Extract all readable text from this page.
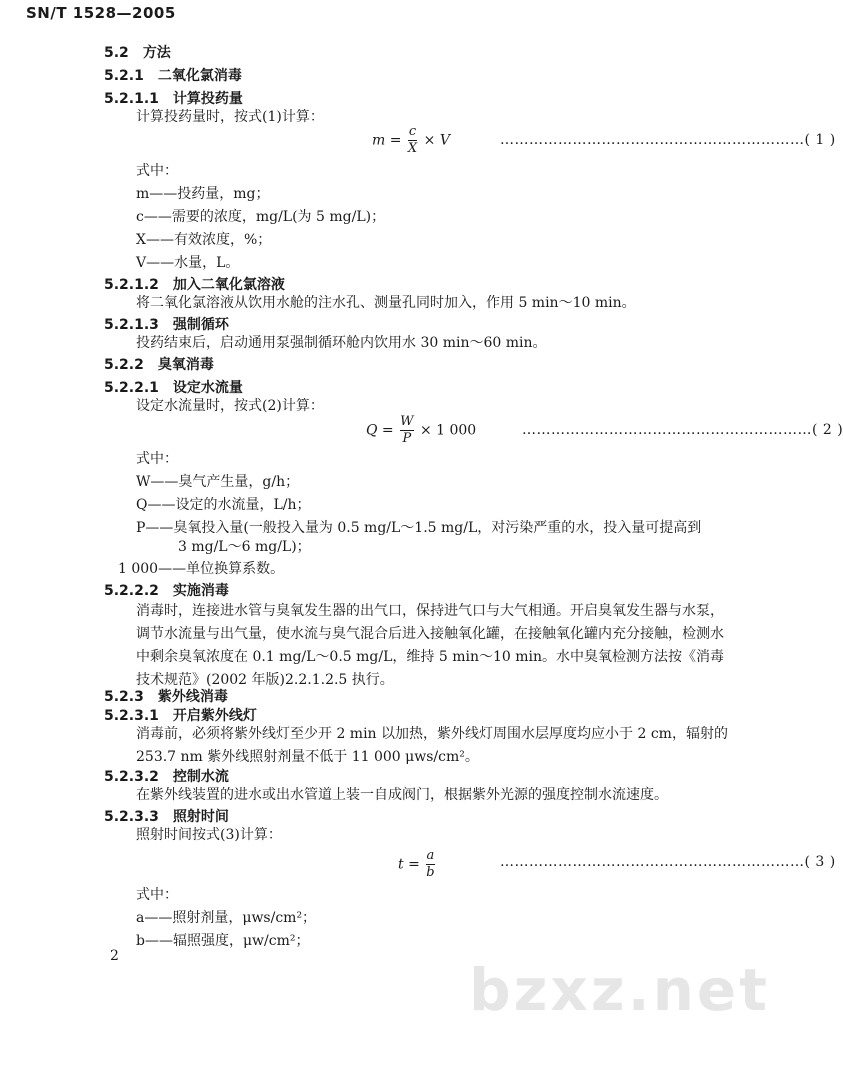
SN/T 1528—2005
5.2 方法
5.2.1 二氧化氯消毒
5.2.1.1 计算投药量
计算投药量时，按式(1)计算：
$m = \frac{c}{X} \times V$	………………………………………………………( 1 )
式中：
m——投药量，mg；
c——需要的浓度，mg/L(为 5 mg/L)；
X——有效浓度，%；
V——水量，L。
5.2.1.2 加入二氧化氯溶液
将二氧化氯溶液从饮用水舱的注水孔、测量孔同时加入，作用 5 min～10 min。
5.2.1.3 强制循环
投药结束后，启动通用泵强制循环舱内饮用水 30 min～60 min。
5.2.2 臭氧消毒
5.2.2.1 设定水流量
设定水流量时，按式(2)计算：
$Q = \frac{W}{P} \times 1$ 000	……………………………………………………( 2 )
式中：
W——臭气产生量，g/h；
Q——设定的水流量，L/h；
P——臭氧投入量(一般投入量为 0.5 mg/L～1.5 mg/L，对污染严重的水，投入量可提高到
3 mg/L～6 mg/L)；
1 000——单位换算系数。
5.2.2.2 实施消毒
消毒时，连接进水管与臭氧发生器的出气口，保持进气口与大气相通。开启臭氧发生器与水泵，调节水流量与出气量，使水流与臭气混合后进入接触氧化罐，在接触氧化罐内充分接触，检测水中剩余臭氧浓度在 0.1 mg/L～0.5 mg/L，维持 5 min～10 min。水中臭氧检测方法按《消毒技术规范》(2002 年版)2.2.1.2.5 执行。
5.2.3 紫外线消毒
5.2.3.1 开启紫外线灯
消毒前，必须将紫外线灯至少开 2 min 以加热，紫外线灯周围水层厚度均应小于 2 cm，辐射的 253.7 nm 紫外线照射剂量不低于 11 000 μws/cm²。
5.2.3.2 控制水流
在紫外线装置的进水或出水管道上装一自成阀门，根据紫外光源的强度控制水流速度。
5.2.3.3 照射时间
照射时间按式(3)计算：
$t = \frac{a}{b}$	………………………………………………………( 3 )
式中：
a——照射剂量，μws/cm²；
b——辐照强度，μw/cm²；
2	bzxz.net
